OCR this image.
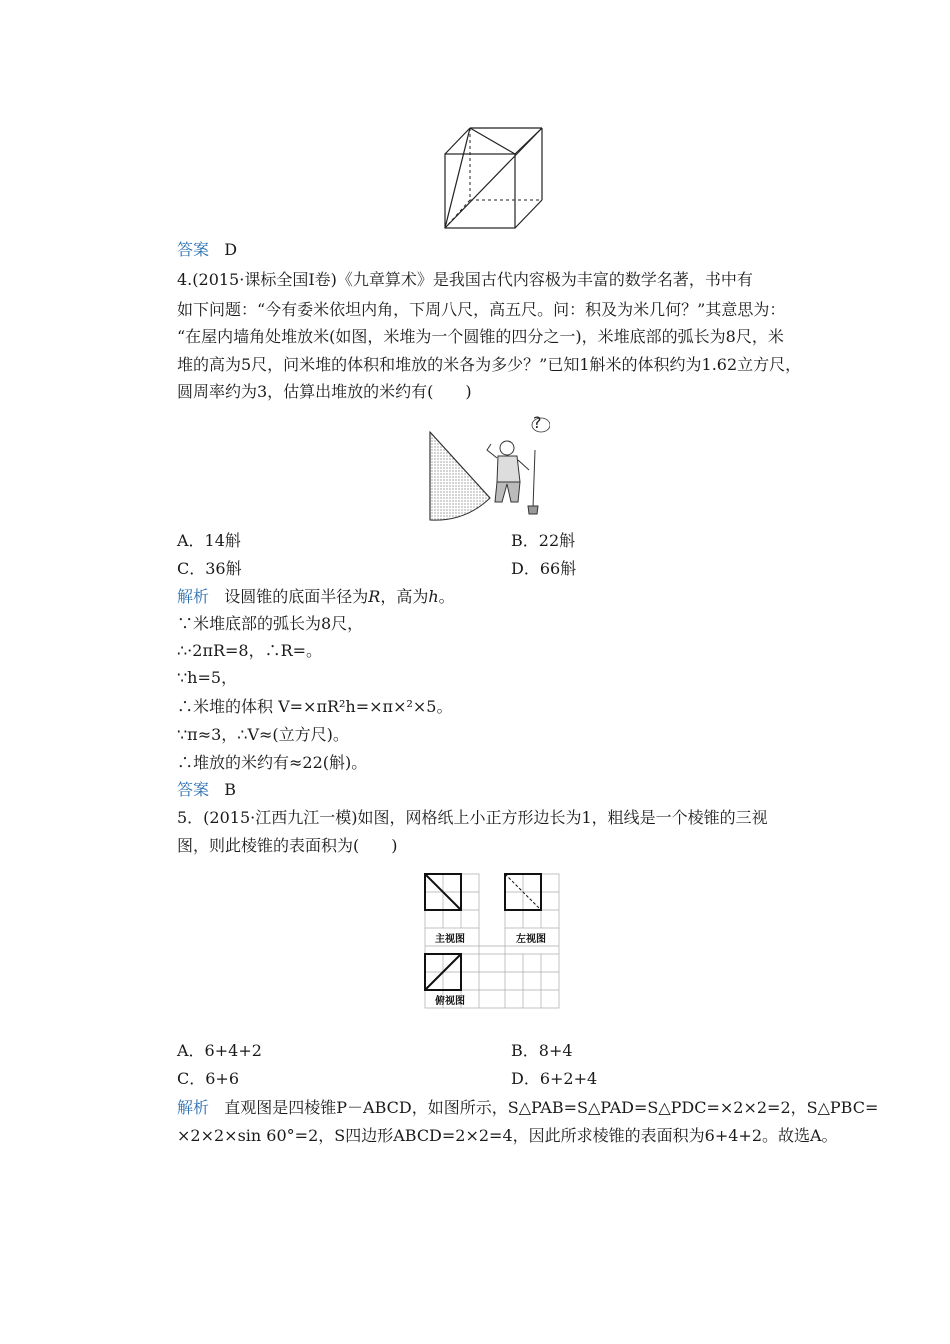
答案 D
4.(2015·课标全国Ⅰ卷)《九章算术》是我国古代内容极为丰富的数学名著，书中有
如下问题：“今有委米依坦内角，下周八尺，高五尺。问：积及为米几何？”其意思为：
“在屋内墙角处堆放米(如图，米堆为一个圆锥的四分之一)，米堆底部的弧长为8尺，米
堆的高为5尺，问米堆的体积和堆放的米各为多少？”已知1斛米的体积约为1.62立方尺，
圆周率约为3，估算出堆放的米约有(　　)
?
A．14斛	B．22斛
C．36斛	D．66斛
解析 设圆锥的底面半径为R，高为h。
∵米堆底部的弧长为8尺，
∴·2πR=8，∴R=。
∵h=5，
∴米堆的体积 V=×πR²h=×π×²×5。
∵π≈3，∴V≈(立方尺)。
∴堆放的米约有≈22(斛)。
答案 B
5．(2015·江西九江一模)如图，网格纸上小正方形边长为1，粗线是一个棱锥的三视
图，则此棱锥的表面积为(　　)
主视图	左视图
俯视图
A．6+4+2	B．8+4
C．6+6	D．6+2+4
解析 直观图是四棱锥P－ABCD，如图所示，S△PAB=S△PAD=S△PDC=×2×2=2，S△PBC=
×2×2×sin 60°=2，S四边形ABCD=2×2=4，因此所求棱锥的表面积为6+4+2。故选A。
